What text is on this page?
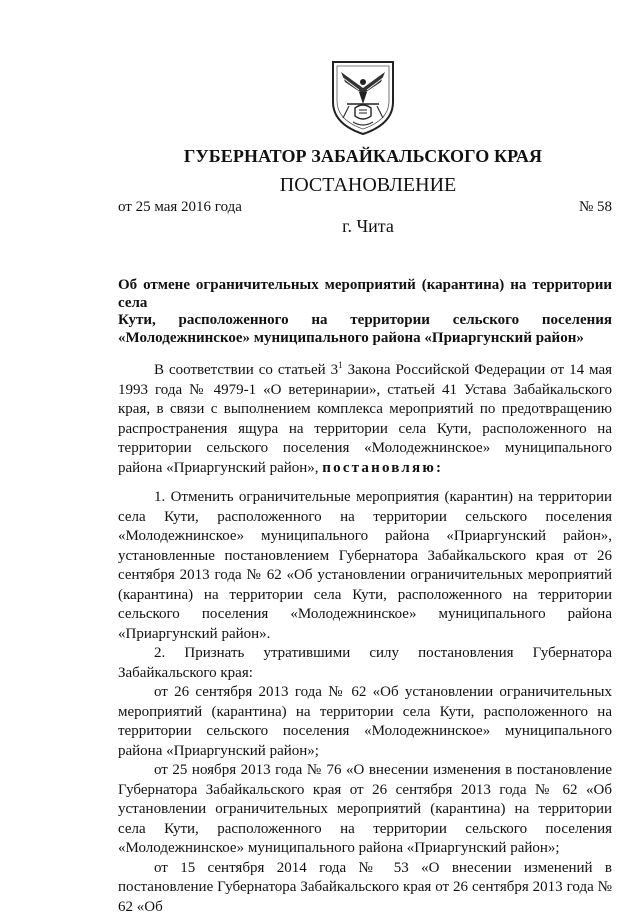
ГУБЕРНАТОР ЗАБАЙКАЛЬСКОГО КРАЯ
ПОСТАНОВЛЕНИЕ
от 25 мая 2016 года	№ 58
г. Чита
Об отмене ограничительных мероприятий (карантина) на территории села
Кути, расположенного на территории сельского поселения
«Молодежнинское» муниципального района «Приаргунский район»

В соответствии со статьей $3^1$ Закона Российской Федерации от 14 мая 1993 года № 4979-1 «О ветеринарии», статьей 41 Устава Забайкальского края, в связи с выполнением комплекса мероприятий по предотвращению распространения ящура на территории села Кути, расположенного на территории сельского поселения «Молодежнинское» муниципального района «Приаргунский район», постановляю:

1. Отменить ограничительные мероприятия (карантин) на территории села Кути, расположенного на территории сельского поселения «Молодежнинское» муниципального района «Приаргунский район», установленные постановлением Губернатора Забайкальского края от 26 сентября 2013 года № 62 «Об установлении ограничительных мероприятий (карантина) на территории села Кути, расположенного на территории сельского поселения «Молодежнинское» муниципального района «Приаргунский район».

2. Признать утратившими силу постановления Губернатора Забайкальского края:

от 26 сентября 2013 года № 62 «Об установлении ограничительных мероприятий (карантина) на территории села Кути, расположенного на территории сельского поселения «Молодежнинское» муниципального района «Приаргунский район»;

от 25 ноября 2013 года № 76 «О внесении изменения в постановление Губернатора Забайкальского края от 26 сентября 2013 года № 62 «Об установлении ограничительных мероприятий (карантина) на территории села Кути, расположенного на территории сельского поселения «Молодежнинское» муниципального района «Приаргунский район»;

от 15 сентября 2014 года № 53 «О внесении изменений в постановление Губернатора Забайкальского края от 26 сентября 2013 года № 62 «Об
